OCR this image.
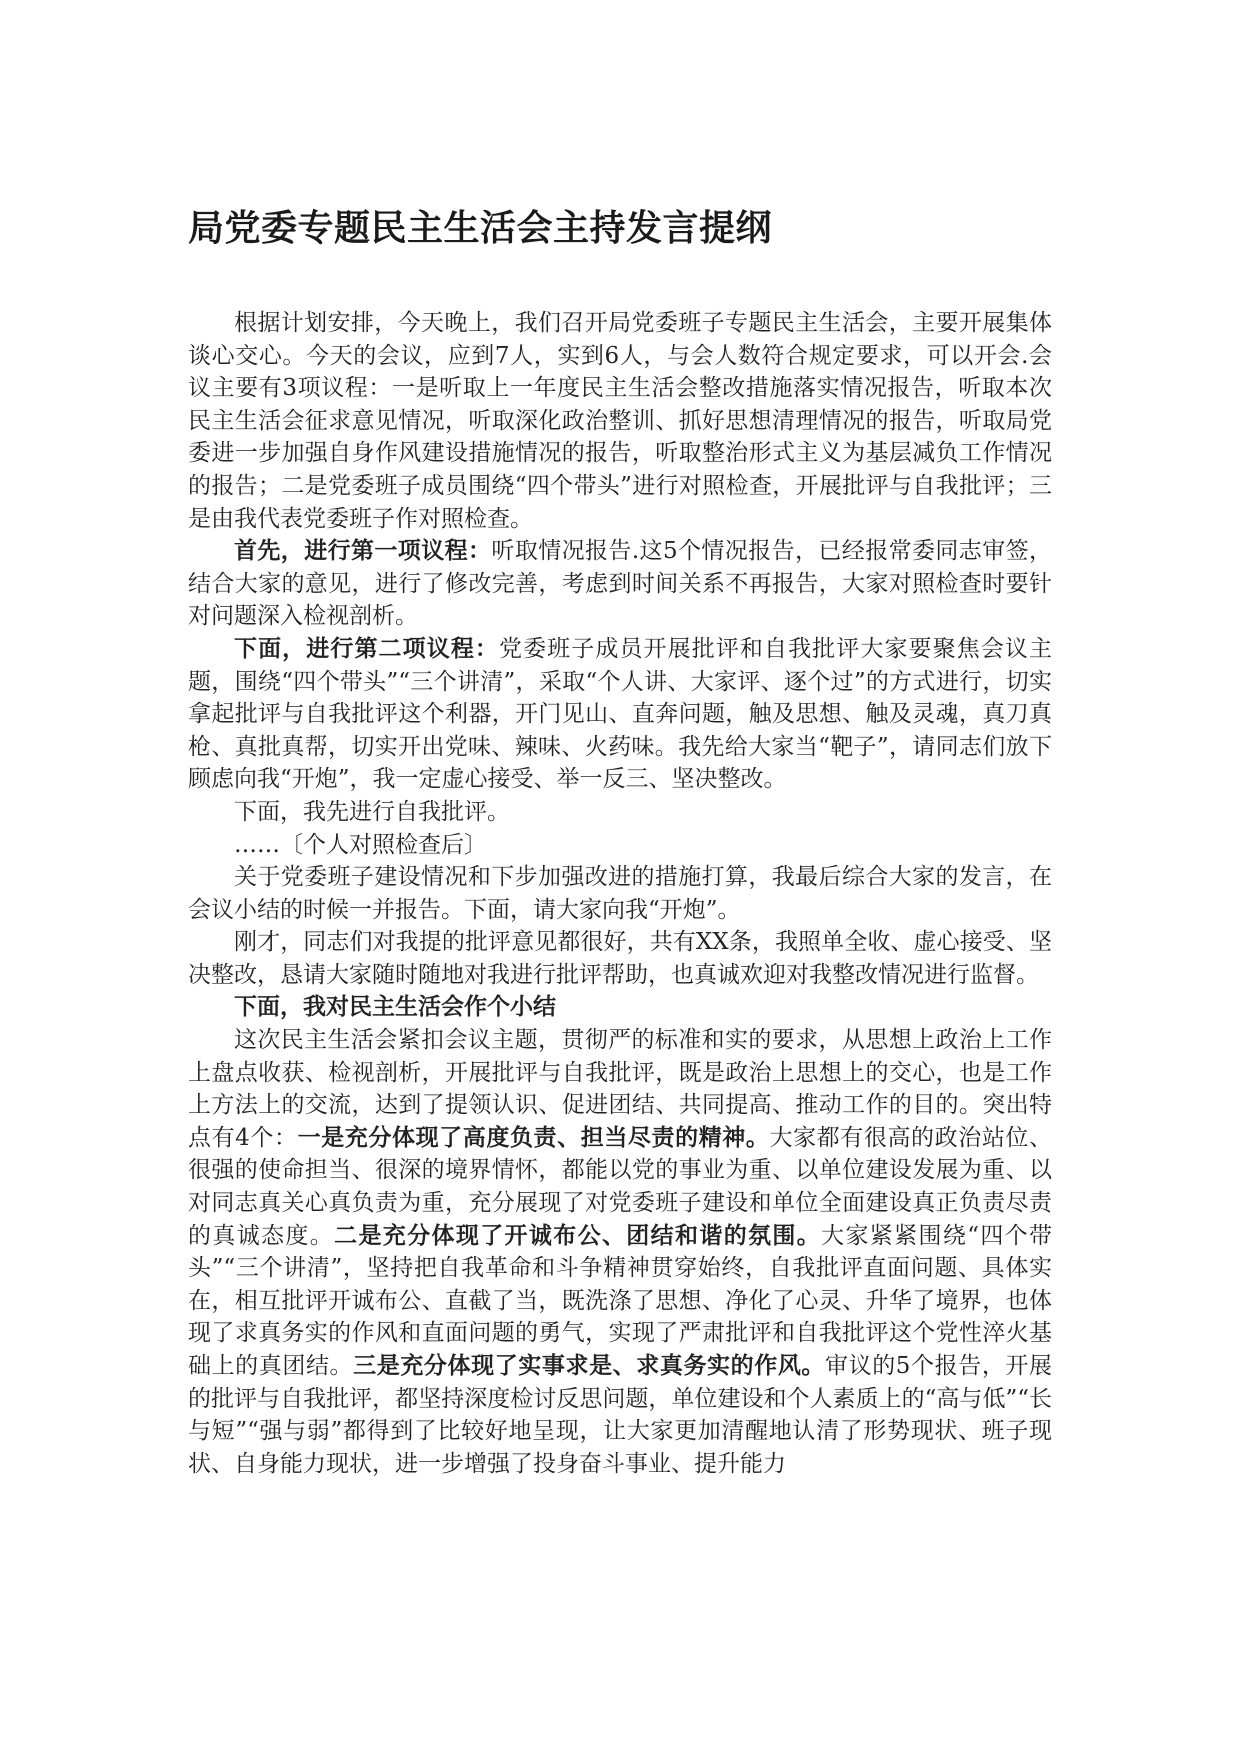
局党委专题民主生活会主持发言提纲

根据计划安排，今天晚上，我们召开局党委班子专题民主生活会，主要开展集体谈心交心。今天的会议，应到7人，实到6人，与会人数符合规定要求，可以开会.会议主要有3项议程：一是听取上一年度民主生活会整改措施落实情况报告，听取本次民主生活会征求意见情况，听取深化政治整训、抓好思想清理情况的报告，听取局党委进一步加强自身作风建设措施情况的报告，听取整治形式主义为基层减负工作情况的报告；二是党委班子成员围绕“四个带头”进行对照检查，开展批评与自我批评；三是由我代表党委班子作对照检查。

首先，进行第一项议程：听取情况报告.这5个情况报告，已经报常委同志审签，结合大家的意见，进行了修改完善，考虑到时间关系不再报告，大家对照检查时要针对问题深入检视剖析。

下面，进行第二项议程：党委班子成员开展批评和自我批评大家要聚焦会议主题，围绕“四个带头”“三个讲清”，采取“个人讲、大家评、逐个过”的方式进行，切实拿起批评与自我批评这个利器，开门见山、直奔问题，触及思想、触及灵魂，真刀真枪、真批真帮，切实开出党味、辣味、火药味。我先给大家当“靶子”，请同志们放下顾虑向我“开炮”，我一定虚心接受、举一反三、坚决整改。

下面，我先进行自我批评。

……〔个人对照检查后〕

关于党委班子建设情况和下步加强改进的措施打算，我最后综合大家的发言，在会议小结的时候一并报告。下面，请大家向我“开炮”。

刚才，同志们对我提的批评意见都很好，共有XX条，我照单全收、虚心接受、坚决整改，恳请大家随时随地对我进行批评帮助，也真诚欢迎对我整改情况进行监督。

下面，我对民主生活会作个小结

这次民主生活会紧扣会议主题，贯彻严的标准和实的要求，从思想上政治上工作上盘点收获、检视剖析，开展批评与自我批评，既是政治上思想上的交心，也是工作上方法上的交流，达到了提领认识、促进团结、共同提高、推动工作的目的。突出特点有4个：一是充分体现了高度负责、担当尽责的精神。大家都有很高的政治站位、很强的使命担当、很深的境界情怀，都能以党的事业为重、以单位建设发展为重、以对同志真关心真负责为重，充分展现了对党委班子建设和单位全面建设真正负责尽责的真诚态度。二是充分体现了开诚布公、团结和谐的氛围。大家紧紧围绕“四个带头”“三个讲清”，坚持把自我革命和斗争精神贯穿始终，自我批评直面问题、具体实在，相互批评开诚布公、直截了当，既洗涤了思想、净化了心灵、升华了境界，也体现了求真务实的作风和直面问题的勇气，实现了严肃批评和自我批评这个党性淬火基础上的真团结。三是充分体现了实事求是、求真务实的作风。审议的5个报告，开展的批评与自我批评，都坚持深度检讨反思问题，单位建设和个人素质上的“高与低”“长与短”“强与弱”都得到了比较好地呈现，让大家更加清醒地认清了形势现状、班子现状、自身能力现状，进一步增强了投身奋斗事业、提升能力
